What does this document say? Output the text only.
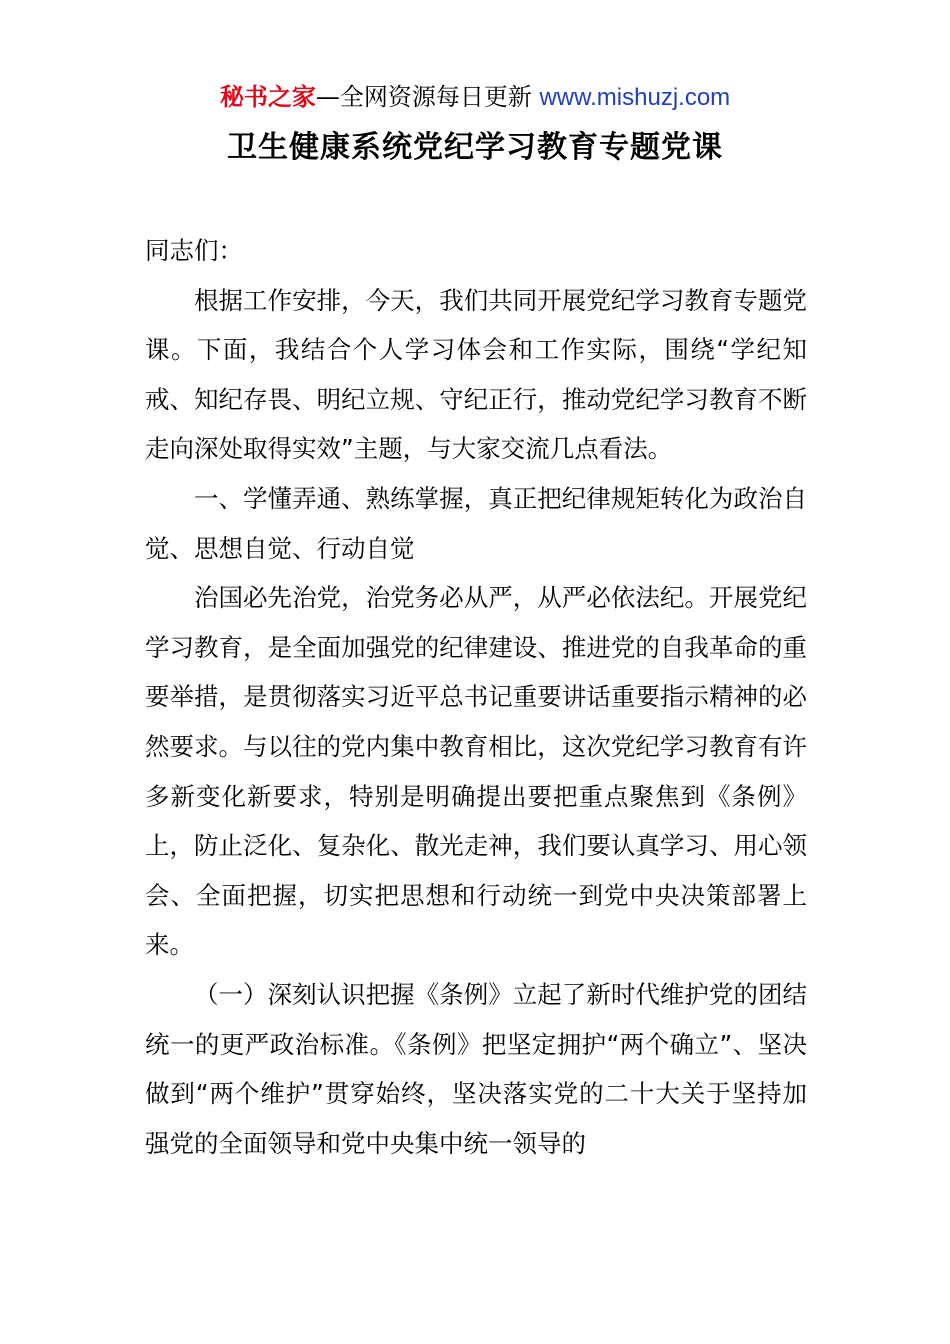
秘书之家—全网资源每日更新 www.mishuzj.com
卫生健康系统党纪学习教育专题党课

同志们：

根据工作安排，今天，我们共同开展党纪学习教育专题党课。下面，我结合个人学习体会和工作实际，围绕“学纪知戒、知纪存畏、明纪立规、守纪正行，推动党纪学习教育不断走向深处取得实效”主题，与大家交流几点看法。

一、学懂弄通、熟练掌握，真正把纪律规矩转化为政治自觉、思想自觉、行动自觉

治国必先治党，治党务必从严，从严必依法纪。开展党纪学习教育，是全面加强党的纪律建设、推进党的自我革命的重要举措，是贯彻落实习近平总书记重要讲话重要指示精神的必然要求。与以往的党内集中教育相比，这次党纪学习教育有许多新变化新要求，特别是明确提出要把重点聚焦到《条例》上，防止泛化、复杂化、散光走神，我们要认真学习、用心领会、全面把握，切实把思想和行动统一到党中央决策部署上来。

（一）深刻认识把握《条例》立起了新时代维护党的团结统一的更严政治标准。《条例》把坚定拥护“两个确立”、坚决做到“两个维护”贯穿始终，坚决落实党的二十大关于坚持加强党的全面领导和党中央集中统一领导的
